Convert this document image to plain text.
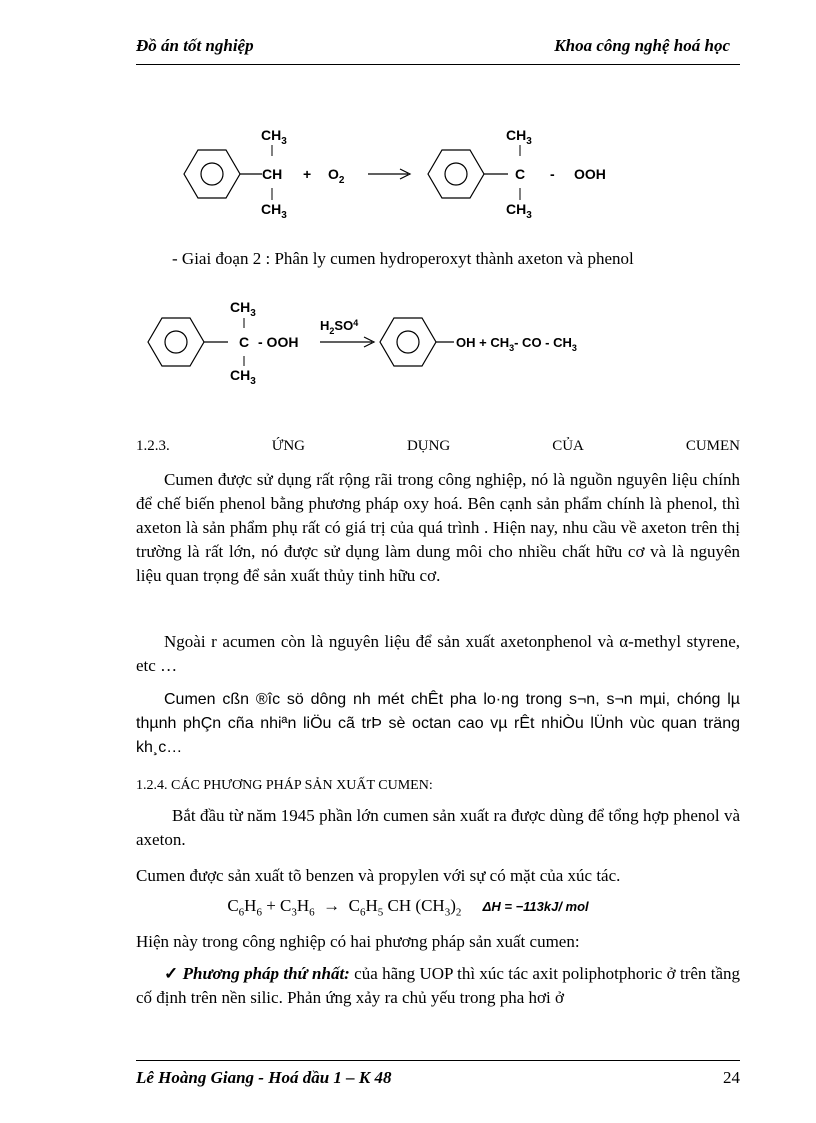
Đồ án tốt nghiệp	Khoa công nghệ hoá học
$CH_3$
CH
$CH_3$
+ $O_2$
$CH_3$
C
$CH_3$
- OOH
- Giai đoạn 2 : Phân ly cumen hydroperoxyt thành axeton và phenol
$CH_3$
C
$CH_3$
- OOH
$H_2SO^4$
OH + $CH_3-$ CO - $CH_3$
1.2.3.	ỨNG	DỤNG	CỦA	CUMEN
Cumen được sử dụng rất rộng rãi trong công nghiệp, nó là nguồn nguyên liệu chính để chế biến phenol bằng phương pháp oxy hoá. Bên cạnh sản phẩm chính là phenol, thì axeton là sản phẩm phụ rất có giá trị của quá trình . Hiện nay, nhu cầu về axeton trên thị trường là rất lớn, nó được sử dụng làm dung môi cho nhiều chất hữu cơ và là nguyên liệu quan trọng để sản xuất thủy tinh hữu cơ.
Ngoài r acumen còn là nguyên liệu để sản xuất axetonphenol và α-methyl styrene, etc …
Cumen cßn ®îc sö dông nh mét chÊt pha lo·ng trong s¬n, s¬n mµi, chóng lµ thµnh phÇn cña nhiªn liÖu cã trÞ sè octan cao vµ rÊt nhiÒu lÜnh vùc quan träng kh¸c…
1.2.4. CÁC PHƯƠNG PHÁP SẢN XUẤT CUMEN:
Bắt đầu từ năm 1945 phần lớn cumen sản xuất ra được dùng để tổng hợp phenol và axeton.
Cumen được sản xuất tõ benzen và propylen với sự có mặt của xúc tác.
$C_6H_6 + C_3H_6 \to C_6H_5$ CH $(CH_3)_2$ ΔH = −113kJ/ mol
Hiện này trong công nghiệp có hai phương pháp sản xuất cumen:
✓ Phương pháp thứ nhất: của hãng UOP thì xúc tác axit poliphotphoric ở trên tầng cố định trên nền silic. Phản ứng xảy ra chủ yếu trong pha hơi ở
Lê Hoàng Giang - Hoá dầu 1 – K 48	24
